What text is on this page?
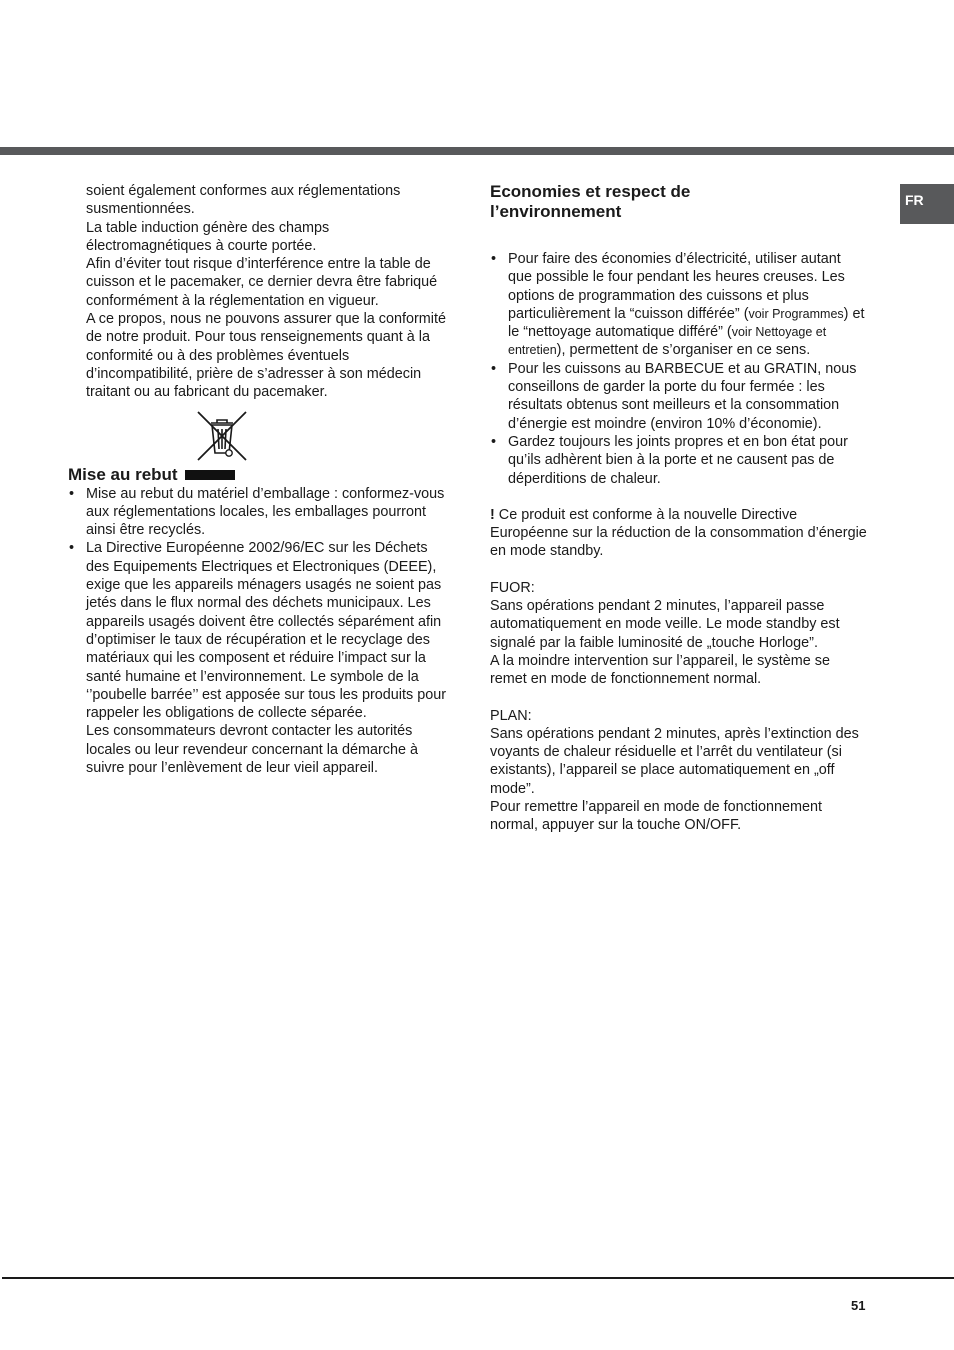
FR

soient également conformes aux réglementations susmentionnées.

La table induction génère des champs électromagnétiques à courte portée.

Afin d’éviter tout risque d’interférence entre la table de cuisson et le pacemaker, ce dernier devra être fabriqué conformément à la réglementation en vigueur.

A ce propos, nous ne pouvons assurer que la conformité de notre produit. Pour tous renseignements quant à la conformité ou à des problèmes éventuels d’incompatibilité, prière de s’adresser à son médecin traitant ou au fabricant du pacemaker.

Mise au rebut
• Mise au rebut du matériel d’emballage : conformez-vous aux réglementations locales, les emballages pourront ainsi être recyclés.
• La Directive Européenne 2002/96/EC sur les Déchets des Equipements Electriques et Electroniques (DEEE), exige que les appareils ménagers usagés ne soient pas jetés dans le flux normal des déchets municipaux. Les appareils usagés doivent être collectés séparément afin d’optimiser le taux de récupération et le recyclage des matériaux qui les composent et réduire l’impact sur la santé humaine et l’environnement. Le symbole de la ‘’poubelle barrée’’ est apposée sur tous les produits pour rappeler les obligations de collecte séparée.
Les consommateurs devront contacter les autorités locales ou leur revendeur concernant la démarche à suivre pour l’enlèvement de leur vieil appareil.
Economies et respect de
l’environnement
• Pour faire des économies d’électricité, utiliser autant que possible le four pendant les heures creuses. Les options de programmation des cuissons et plus particulièrement la “cuisson différée” (voir Programmes) et le “nettoyage automatique différé” (voir Nettoyage et entretien), permettent de s’organiser en ce sens.
• Pour les cuissons au BARBECUE et au GRATIN, nous conseillons de garder la porte du four fermée : les résultats obtenus sont meilleurs et la consommation d’énergie est moindre (environ 10% d’économie).
• Gardez toujours les joints propres et en bon état pour qu’ils adhèrent bien à la porte et ne causent pas de déperditions de chaleur.
! Ce produit est conforme à la nouvelle Directive Européenne sur la réduction de la consommation d’énergie en mode standby.
FUOR:
Sans opérations pendant 2 minutes, l’appareil passe automatiquement en mode veille. Le mode standby est signalé par la faible luminosité de „touche Horloge”.
A la moindre intervention sur l’appareil, le système se remet en mode de fonctionnement normal.
PLAN:
Sans opérations pendant 2 minutes, après l’extinction des voyants de chaleur résiduelle et l’arrêt du ventilateur (si existants), l’appareil se place automatiquement en „off mode”.
Pour remettre l’appareil en mode de fonctionnement normal, appuyer sur la touche ON/OFF.
51
